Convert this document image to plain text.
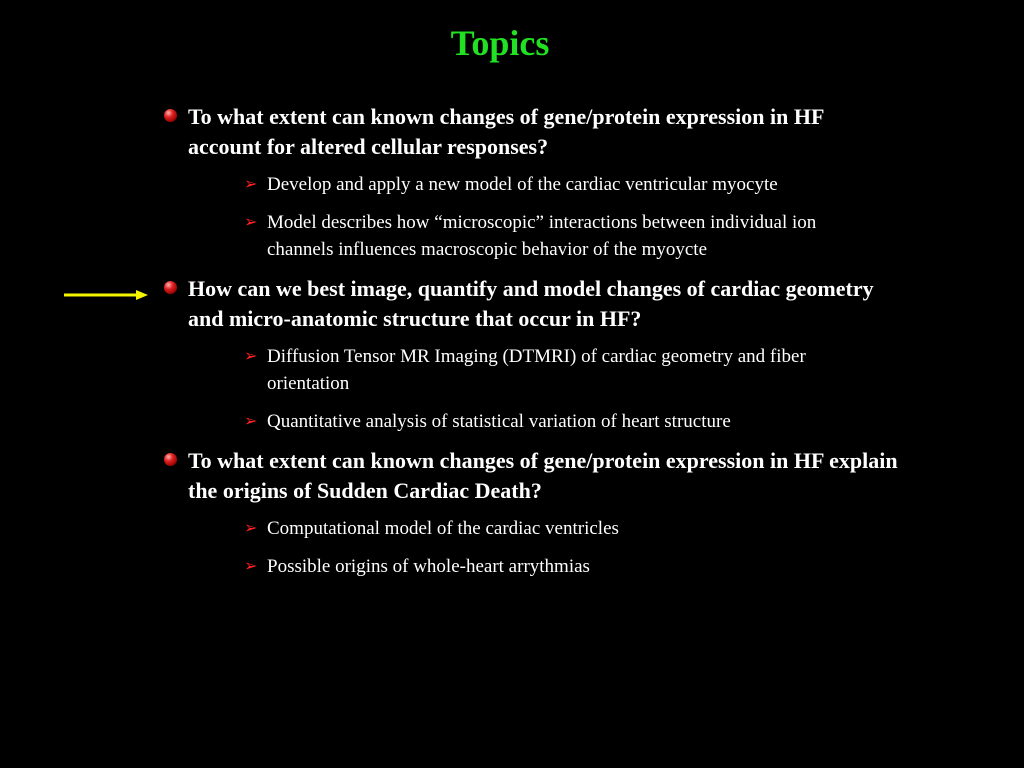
Topics
To what extent can known changes of gene/protein expression in HF account for altered cellular responses?
➢ Develop and apply a new model of the cardiac ventricular myocyte
➢ Model describes how “microscopic” interactions between individual ion channels influences macroscopic behavior of the myoycte
How can we best image, quantify and model changes of cardiac geometry and micro-anatomic structure that occur in HF?
➢ Diffusion Tensor MR Imaging (DTMRI) of cardiac geometry and fiber orientation
➢ Quantitative analysis of statistical variation of heart structure
To what extent can known changes of gene/protein expression in HF explain the origins of Sudden Cardiac Death?
➢ Computational model of the cardiac ventricles
➢ Possible origins of whole-heart arrythmias
